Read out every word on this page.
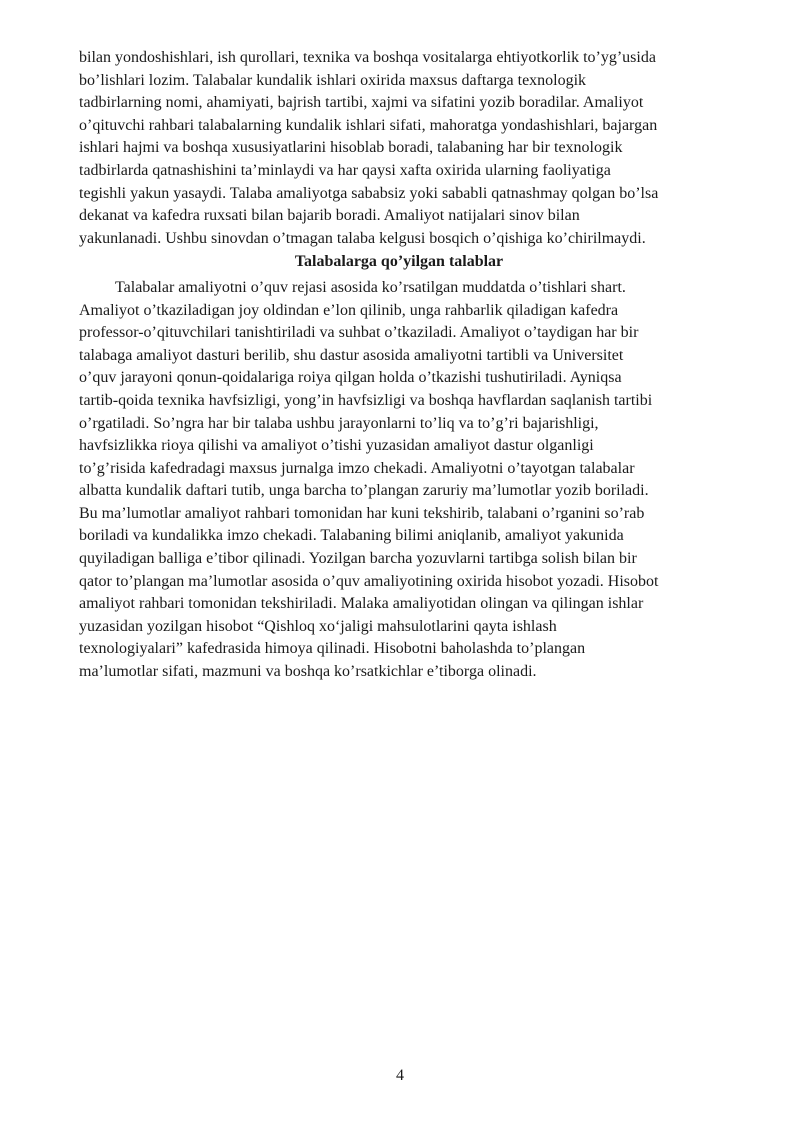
bilan yondoshishlari, ish qurollari, texnika va boshqa vositalarga ehtiyotkorlik to’yg’usida
bo’lishlari lozim. Talabalar kundalik ishlari oxirida maxsus daftarga texnologik
tadbirlarning nomi, ahamiyati, bajrish tartibi, xajmi va sifatini yozib boradilar. Amaliyot
o’qituvchi rahbari talabalarning kundalik ishlari sifati, mahoratga yondashishlari, bajargan
ishlari hajmi va boshqa xususiyatlarini hisoblab boradi, talabaning har bir texnologik
tadbirlarda qatnashishini ta’minlaydi va har qaysi xafta oxirida ularning faoliyatiga
tegishli yakun yasaydi. Talaba amaliyotga sababsiz yoki sababli qatnashmay qolgan bo’lsa
dekanat va kafedra ruxsati bilan bajarib boradi. Amaliyot natijalari sinov bilan
yakunlanadi. Ushbu sinovdan o’tmagan talaba kelgusi bosqich o’qishiga ko’chirilmaydi.
Talabalarga qo’yilgan talablar
Talabalar amaliyotni o’quv rejasi asosida ko’rsatilgan muddatda o’tishlari shart.
Amaliyot o’tkaziladigan joy oldindan e’lon qilinib, unga rahbarlik qiladigan kafedra
professor-o’qituvchilari tanishtiriladi va suhbat o’tkaziladi. Amaliyot o’taydigan har bir
talabaga amaliyot dasturi berilib, shu dastur asosida amaliyotni tartibli va Universitet
o’quv jarayoni qonun-qoidalariga roiya qilgan holda o’tkazishi tushutiriladi. Ayniqsa
tartib-qoida texnika havfsizligi, yong’in havfsizligi va boshqa havflardan saqlanish tartibi
o’rgatiladi. So’ngra har bir talaba ushbu jarayonlarni to’liq va to’g’ri bajarishligi,
havfsizlikka rioya qilishi va amaliyot o’tishi yuzasidan amaliyot dastur olganligi
to’g’risida kafedradagi maxsus jurnalga imzo chekadi. Amaliyotni o’tayotgan talabalar
albatta kundalik daftari tutib, unga barcha to’plangan zaruriy ma’lumotlar yozib boriladi.
Bu ma’lumotlar amaliyot rahbari tomonidan har kuni tekshirib, talabani o’rganini so’rab
boriladi va kundalikka imzo chekadi. Talabaning bilimi aniqlanib, amaliyot yakunida
quyiladigan balliga e’tibor qilinadi. Yozilgan barcha yozuvlarni tartibga solish bilan bir
qator to’plangan ma’lumotlar asosida o’quv amaliyotining oxirida hisobot yozadi. Hisobot
amaliyot rahbari tomonidan tekshiriladi. Malaka amaliyotidan olingan va qilingan ishlar
yuzasidan yozilgan hisobot “Qishloq xo‘jaligi mahsulotlarini qayta ishlash
texnologiyalari” kafedrasida himoya qilinadi. Hisobotni baholashda to’plangan
ma’lumotlar sifati, mazmuni va boshqa ko’rsatkichlar e’tiborga olinadi.
4
